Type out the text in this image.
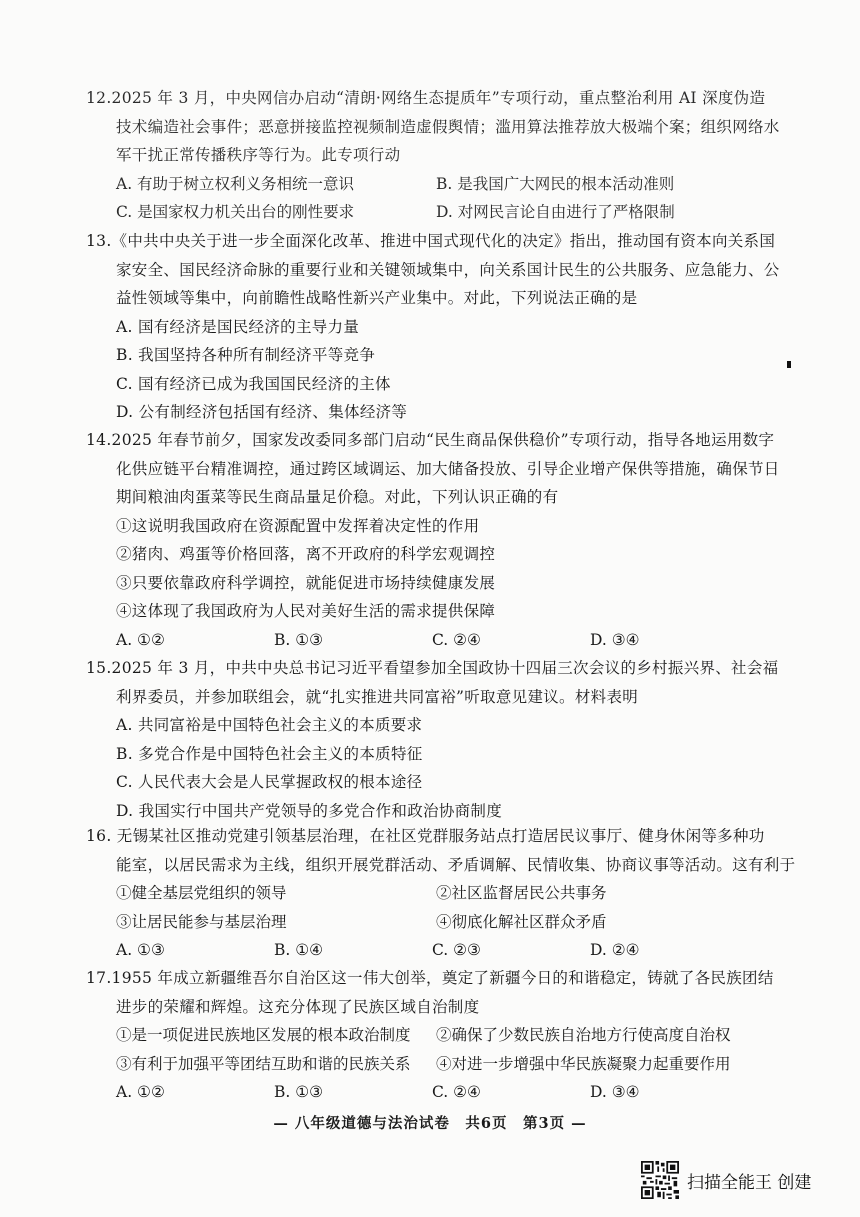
12.2025 年 3 月，中央网信办启动“清朗·网络生态提质年”专项行动，重点整治利用 AI 深度伪造
技术编造社会事件；恶意拼接监控视频制造虚假舆情；滥用算法推荐放大极端个案；组织网络水
军干扰正常传播秩序等行为。此专项行动
A. 有助于树立权利义务相统一意识	B. 是我国广大网民的根本活动准则
C. 是国家权力机关出台的刚性要求	D. 对网民言论自由进行了严格限制
13.《中共中央关于进一步全面深化改革、推进中国式现代化的决定》指出，推动国有资本向关系国
家安全、国民经济命脉的重要行业和关键领域集中，向关系国计民生的公共服务、应急能力、公
益性领域等集中，向前瞻性战略性新兴产业集中。对此，下列说法正确的是
A. 国有经济是国民经济的主导力量
B. 我国坚持各种所有制经济平等竞争
C. 国有经济已成为我国国民经济的主体
D. 公有制经济包括国有经济、集体经济等
14.2025 年春节前夕，国家发改委同多部门启动“民生商品保供稳价”专项行动，指导各地运用数字
化供应链平台精准调控，通过跨区域调运、加大储备投放、引导企业增产保供等措施，确保节日
期间粮油肉蛋菜等民生商品量足价稳。对此，下列认识正确的有
①这说明我国政府在资源配置中发挥着决定性的作用
②猪肉、鸡蛋等价格回落，离不开政府的科学宏观调控
③只要依靠政府科学调控，就能促进市场持续健康发展
④这体现了我国政府为人民对美好生活的需求提供保障
A. ①②	B. ①③	C. ②④	D. ③④
15.2025 年 3 月，中共中央总书记习近平看望参加全国政协十四届三次会议的乡村振兴界、社会福
利界委员，并参加联组会，就“扎实推进共同富裕”听取意见建议。材料表明
A. 共同富裕是中国特色社会主义的本质要求
B. 多党合作是中国特色社会主义的本质特征
C. 人民代表大会是人民掌握政权的根本途径
D. 我国实行中国共产党领导的多党合作和政治协商制度
16. 无锡某社区推动党建引领基层治理，在社区党群服务站点打造居民议事厅、健身休闲等多种功
能室，以居民需求为主线，组织开展党群活动、矛盾调解、民情收集、协商议事等活动。这有利于
①健全基层党组织的领导	②社区监督居民公共事务
③让居民能参与基层治理	④彻底化解社区群众矛盾
A. ①③	B. ①④	C. ②③	D. ②④
17.1955 年成立新疆维吾尔自治区这一伟大创举，奠定了新疆今日的和谐稳定，铸就了各民族团结
进步的荣耀和辉煌。这充分体现了民族区域自治制度
①是一项促进民族地区发展的根本政治制度	②确保了少数民族自治地方行使高度自治权
③有利于加强平等团结互助和谐的民族关系	④对进一步增强中华民族凝聚力起重要作用
A. ①②	B. ①③	C. ②④	D. ③④
— 八年级道德与法治试卷　共6页　第3页 —
扫描全能王 创建
